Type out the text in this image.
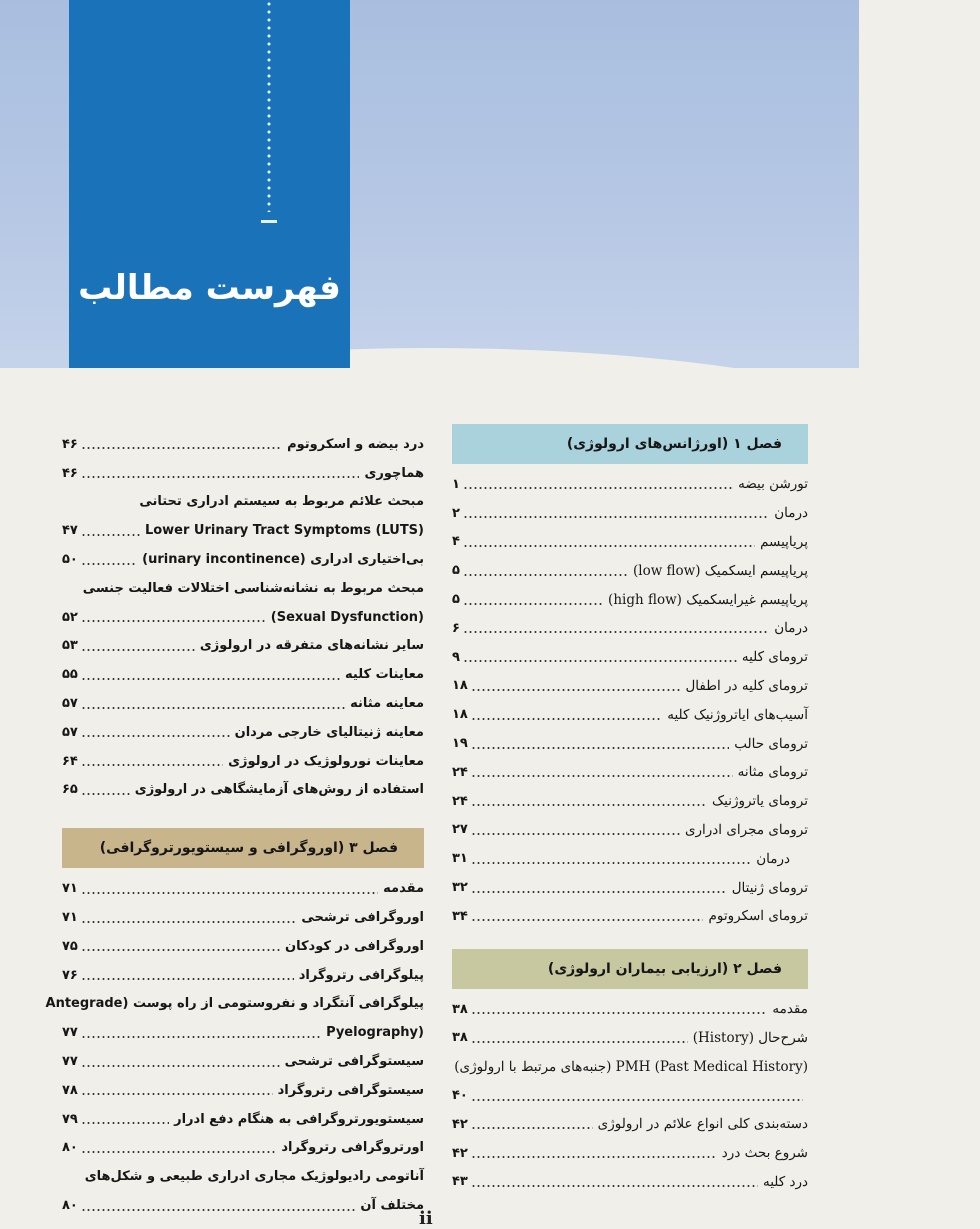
فهرست مطالب
فصل ۱ (اورژانس‌های ارولوژی)
تورشن بیضه
۱
درمان
۲
پریاپیسم
۴
پریاپیسم ایسکمیک (low flow)
۵
پریاپیسم غیرایسکمیک (high flow)
۵
درمان
۶
ترومای کلیه
۹
ترومای کلیه در اطفال
۱۸
آسیب‌های ایاتروژنیک کلیه
۱۸
ترومای حالب
۱۹
ترومای مثانه
۲۴
ترومای یاتروژنیک
۲۴
ترومای مجرای ادراری
۲۷
درمان
۳۱
ترومای ژنیتال
۳۲
ترومای اسکروتوم
۳۴
فصل ۲ (ارزیابی بیماران ارولوژی)
مقدمه
۳۸
شرح‌حال (History)
۳۸
(Past Medical History) PMH (جنبه‌های مرتبط با ارولوژی)
۴۰
دسته‌بندی کلی انواع علائم در ارولوژی
۴۲
شروع بحث درد
۴۲
درد کلیه
۴۳
درد بیضه و اسکروتوم
۴۶
هماچوری
۴۶
مبحث علائم مربوط به سیستم ادراری تحتانی
(LUTS) Lower Urinary Tract Symptoms
۴۷
بی‌اختیاری ادراری (urinary incontinence)
۵۰
مبحث مربوط به نشانه‌شناسی اختلالات فعالیت جنسی
(Sexual Dysfunction)
۵۲
سایر نشانه‌های متفرقه در ارولوژی
۵۳
معاینات کلیه
۵۵
معاینه مثانه
۵۷
معاینه ژنیتالیای خارجی مردان
۵۷
معاینات نورولوژیک در ارولوژی
۶۴
استفاده از روش‌های آزمایشگاهی در ارولوژی
۶۵
فصل ۳ (اوروگرافی و سیستویورتروگرافی)
مقدمه
۷۱
اوروگرافی ترشحی
۷۱
اوروگرافی در کودکان
۷۵
پیلوگرافی رتروگراد
۷۶
پیلوگرافی آنتگراد و نفروستومی از راه پوست (Antegrade
(Pyelography
۷۷
سیستوگرافی ترشحی
۷۷
سیستوگرافی رتروگراد
۷۸
سیستویورتروگرافی به هنگام دفع ادرار
۷۹
اورتروگرافی رتروگراد
۸۰
آناتومی رادیولوژیک مجاری ادراری طبیعی و شکل‌های
مختلف آن
۸۰
ii
